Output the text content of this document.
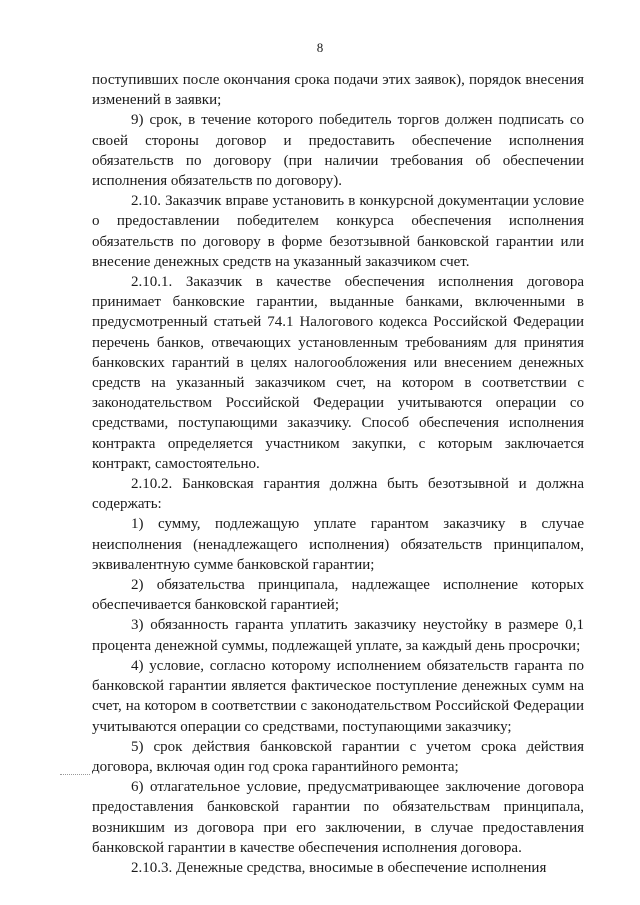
8

поступивших после окончания срока подачи этих заявок), порядок внесения изменений в заявки;

9) срок, в течение которого победитель торгов должен подписать со своей стороны договор и предоставить обеспечение исполнения обязательств по договору (при наличии требования об обеспечении исполнения обязательств по договору).

2.10. Заказчик вправе установить в конкурсной документации условие о предоставлении победителем конкурса обеспечения исполнения обязательств по договору в форме безотзывной банковской гарантии или внесение денежных средств на указанный заказчиком счет.

2.10.1. Заказчик в качестве обеспечения исполнения договора принимает банковские гарантии, выданные банками, включенными в предусмотренный статьей 74.1 Налогового кодекса Российской Федерации перечень банков, отвечающих установленным требованиям для принятия банковских гарантий в целях налогообложения или внесением денежных средств на указанный заказчиком счет, на котором в соответствии с законодательством Российской Федерации учитываются операции со средствами, поступающими заказчику. Способ обеспечения исполнения контракта определяется участником закупки, с которым заключается контракт, самостоятельно.

2.10.2. Банковская гарантия должна быть безотзывной и должна содержать:

1) сумму, подлежащую уплате гарантом заказчику в случае неисполнения (ненадлежащего исполнения) обязательств принципалом, эквивалентную сумме банковской гарантии;

2) обязательства принципала, надлежащее исполнение которых обеспечивается банковской гарантией;

3) обязанность гаранта уплатить заказчику неустойку в размере 0,1 процента денежной суммы, подлежащей уплате, за каждый день просрочки;

4) условие, согласно которому исполнением обязательств гаранта по банковской гарантии является фактическое поступление денежных сумм на счет, на котором в соответствии с законодательством Российской Федерации учитываются операции со средствами, поступающими заказчику;

5) срок действия банковской гарантии с учетом срока действия договора, включая один год срока гарантийного ремонта;

6) отлагательное условие, предусматривающее заключение договора предоставления банковской гарантии по обязательствам принципала, возникшим из договора при его заключении, в случае предоставления банковской гарантии в качестве обеспечения исполнения договора.

2.10.3. Денежные средства, вносимые в обеспечение исполнения
